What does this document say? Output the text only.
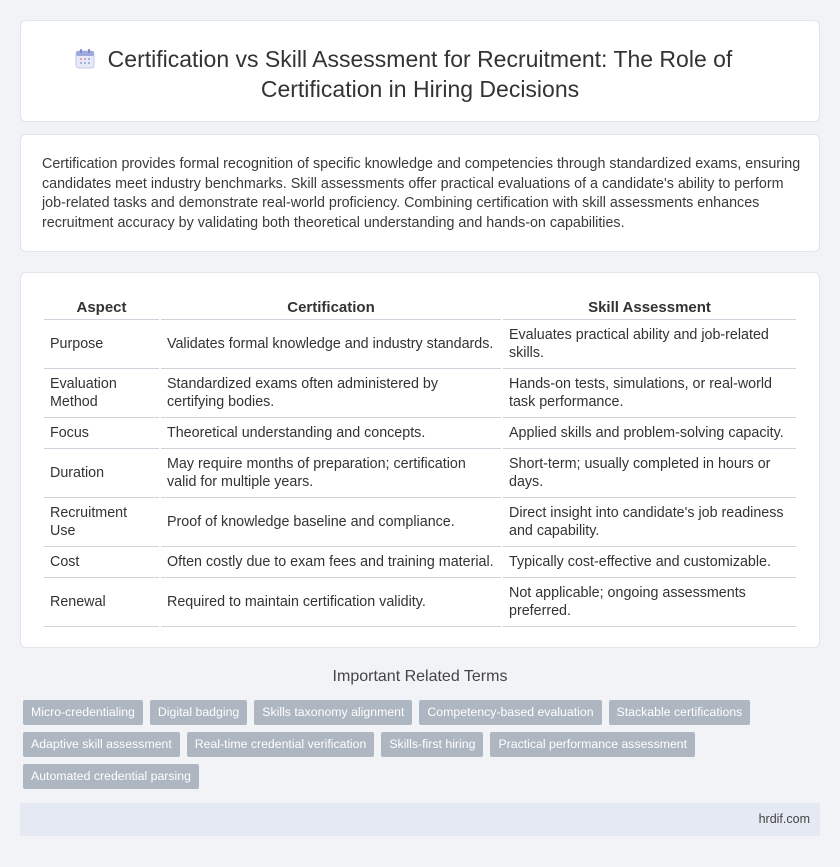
Certification vs Skill Assessment for Recruitment: The Role of
Certification in Hiring Decisions

Certification provides formal recognition of specific knowledge and competencies through standardized exams, ensuring candidates meet industry benchmarks. Skill assessments offer practical evaluations of a candidate's ability to perform job-related tasks and demonstrate real-world proficiency. Combining certification with skill assessments enhances recruitment accuracy by validating both theoretical understanding and hands-on capabilities.

Aspect	Certification	Skill Assessment
Purpose	Validates formal knowledge and industry standards.	Evaluates practical ability and job-related skills.
Evaluation Method	Standardized exams often administered by certifying bodies.	Hands-on tests, simulations, or real-world task performance.
Focus	Theoretical understanding and concepts.	Applied skills and problem-solving capacity.
Duration	May require months of preparation; certification valid for multiple years.	Short-term; usually completed in hours or days.
Recruitment Use	Proof of knowledge baseline and compliance.	Direct insight into candidate's job readiness and capability.
Cost	Often costly due to exam fees and training material.	Typically cost-effective and customizable.
Renewal	Required to maintain certification validity.	Not applicable; ongoing assessments preferred.
Important Related Terms
Micro-credentialing	Digital badging	Skills taxonomy alignment	Competency-based evaluation	Stackable certifications
Adaptive skill assessment	Real-time credential verification	Skills-first hiring	Practical performance assessment
Automated credential parsing
hrdif.com
